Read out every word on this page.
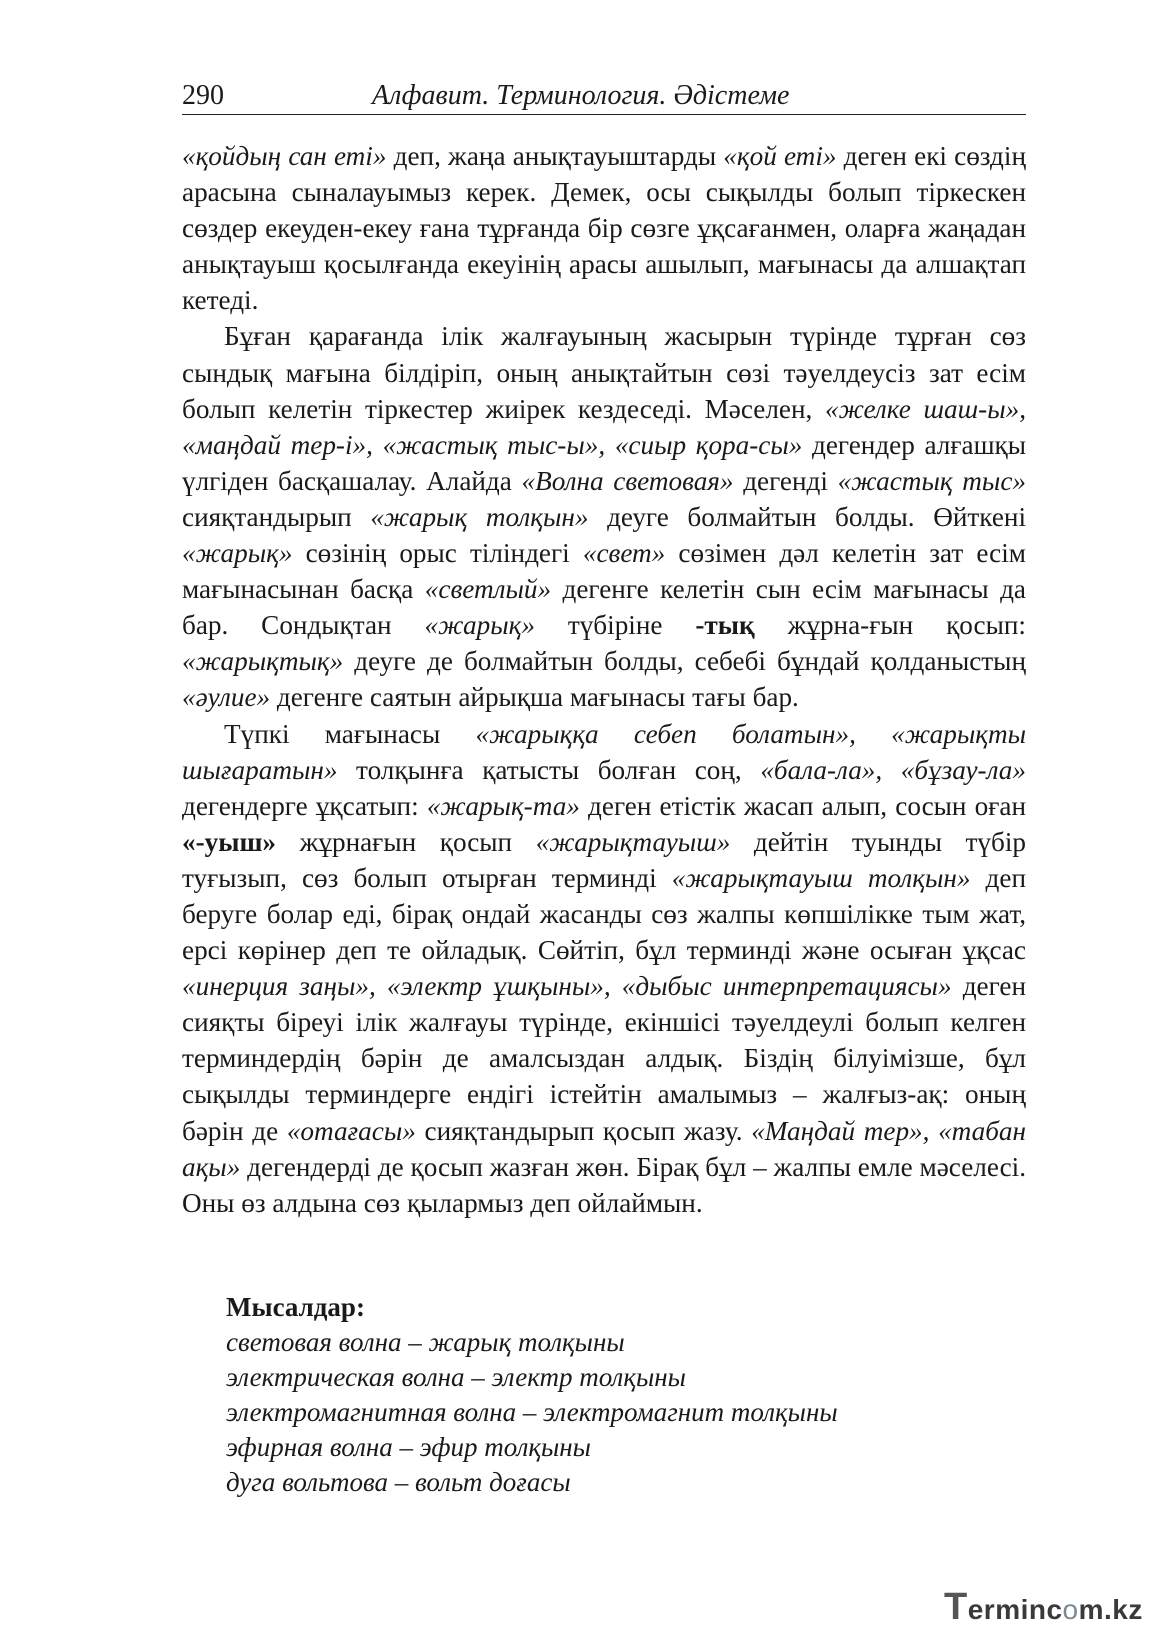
290	Алфавит. Терминология. Әдістеме

«қойдың сан еті» деп, жаңа анықтауыштарды «қой еті» деген екі сөздің арасына сыналауымыз керек. Демек, осы сықылды болып тіркескен сөздер екеуден-екеу ғана тұрғанда бір сөзге ұқсағанмен, оларға жаңадан анықтауыш қосылғанда екеуінің арасы ашылып, мағынасы да алшақтап кетеді.

Бұған қарағанда ілік жалғауының жасырын түрінде тұрған сөз сындық мағына білдіріп, оның анықтайтын сөзі тәуелдеусіз зат есім болып келетін тіркестер жиірек кездеседі. Мәселен, «желке шаш-ы», «маңдай тер-і», «жастық тыс-ы», «сиыр қора-сы» дегендер алғашқы үлгіден басқашалау. Алайда «Волна световая» дегенді «жастық тыс» сияқтандырып «жарық толқын» деуге болмайтын болды. Өйткені «жарық» сөзінің орыс тіліндегі «свет» сөзімен дәл келетін зат есім мағынасынан басқа «светлый» дегенге келетін сын есім мағынасы да бар. Сондықтан «жарық» түбіріне -тық жұрна-ғын қосып: «жарықтық» деуге де болмайтын болды, себебі бұндай қолданыстың «әулие» дегенге саятын айрықша мағынасы тағы бар.

Түпкі мағынасы «жарыққа себеп болатын», «жарықты шығаратын» толқынға қатысты болған соң, «бала-ла», «бұзау-ла» дегендерге ұқсатып: «жарық-та» деген етістік жасап алып, сосын оған «-уыш» жұрнағын қосып «жарықтауыш» дейтін туынды түбір туғызып, сөз болып отырған терминді «жарықтауыш толқын» деп беруге болар еді, бірақ ондай жасанды сөз жалпы көпшілікке тым жат, ерсі көрінер деп те ойладық. Сөйтіп, бұл терминді және осыған ұқсас «инерция заңы», «электр ұшқыны», «дыбыс интерпретациясы» деген сияқты біреуі ілік жалғауы түрінде, екіншісі тәуелдеулі болып келген терминдердің бәрін де амалсыздан алдық. Біздің білуімізше, бұл сықылды терминдерге ендігі істейтін амалымыз – жалғыз-ақ: оның бәрін де «отағасы» сияқтандырып қосып жазу. «Маңдай тер», «табан ақы» дегендерді де қосып жазған жөн. Бірақ бұл – жалпы емле мәселесі. Оны өз алдына сөз қылармыз деп ойлаймын.

Мысалдар:
световая волна – жарық толқыны
электрическая волна – электр толқыны
электромагнитная волна – электромагнит толқыны
эфирная волна – эфир толқыны
дуга вольтова – вольт доғасы
Termincom.kz
